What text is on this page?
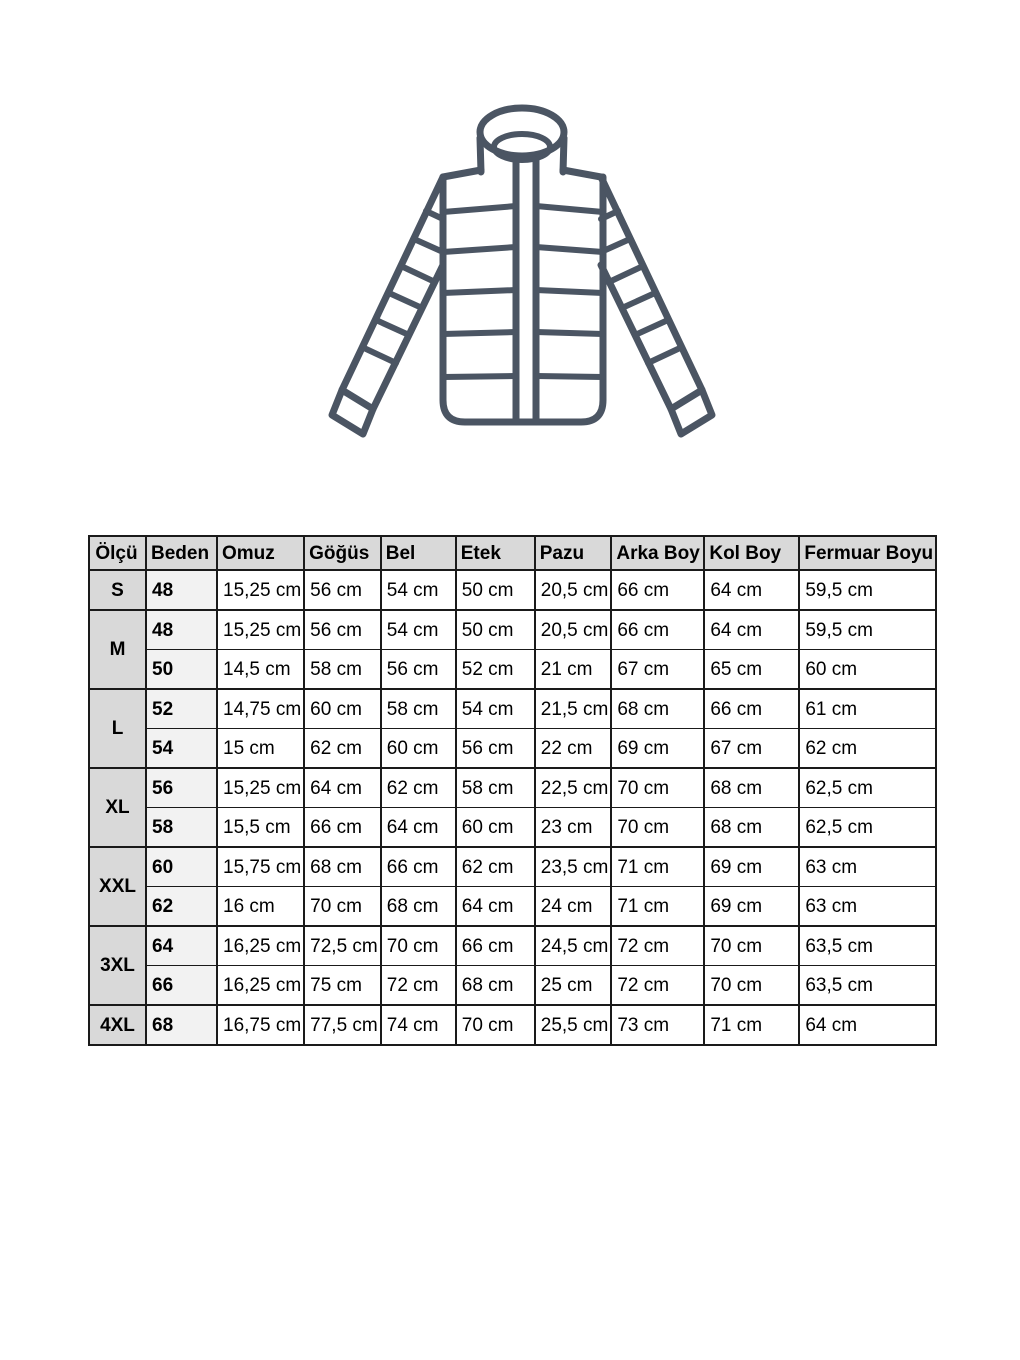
Ölçü	Beden	Omuz	Göğüs	Bel	Etek	Pazu	Arka Boy	Kol Boy	Fermuar Boyu
S	48	15,25 cm	56 cm	54 cm	50 cm	20,5 cm	66 cm	64 cm	59,5 cm
M	48	15,25 cm	56 cm	54 cm	50 cm	20,5 cm	66 cm	64 cm	59,5 cm
	50	14,5 cm	58 cm	56 cm	52 cm	21 cm	67 cm	65 cm	60 cm
L	52	14,75 cm	60 cm	58 cm	54 cm	21,5 cm	68 cm	66 cm	61 cm
	54	15 cm	62 cm	60 cm	56 cm	22 cm	69 cm	67 cm	62 cm
XL	56	15,25 cm	64 cm	62 cm	58 cm	22,5 cm	70 cm	68 cm	62,5 cm
	58	15,5 cm	66 cm	64 cm	60 cm	23 cm	70 cm	68 cm	62,5 cm
XXL	60	15,75 cm	68 cm	66 cm	62 cm	23,5 cm	71 cm	69 cm	63 cm
	62	16 cm	70 cm	68 cm	64 cm	24 cm	71 cm	69 cm	63 cm
3XL	64	16,25 cm	72,5 cm	70 cm	66 cm	24,5 cm	72 cm	70 cm	63,5 cm
	66	16,25 cm	75 cm	72 cm	68 cm	25 cm	72 cm	70 cm	63,5 cm
4XL	68	16,75 cm	77,5 cm	74 cm	70 cm	25,5 cm	73 cm	71 cm	64 cm
